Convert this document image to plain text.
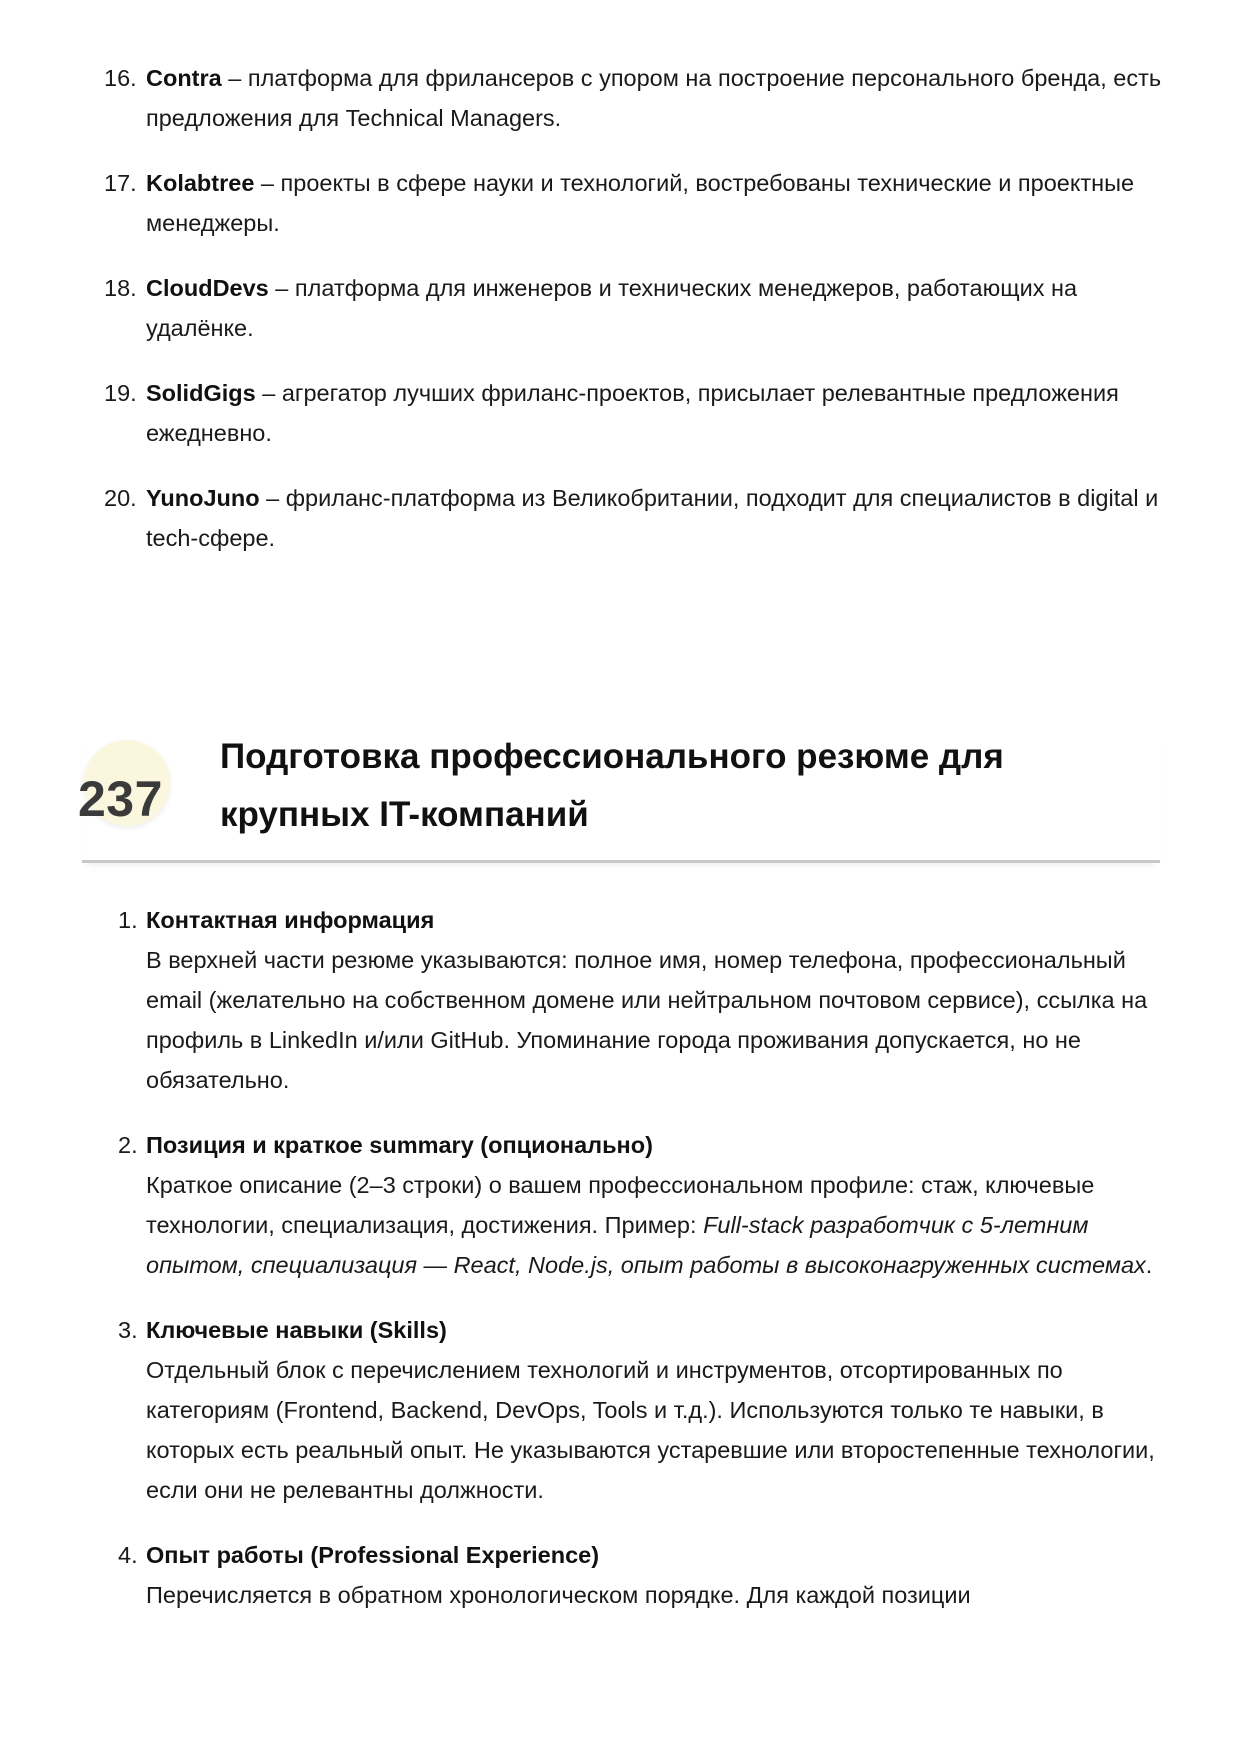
16. Contra – платформа для фрилансеров с упором на построение персонального бренда, есть предложения для Technical Managers.
17. Kolabtree – проекты в сфере науки и технологий, востребованы технические и проектные менеджеры.
18. CloudDevs – платформа для инженеров и технических менеджеров, работающих на удалёнке.
19. SolidGigs – агрегатор лучших фриланс-проектов, присылает релевантные предложения ежедневно.
20. YunoJuno – фриланс-платформа из Великобритании, подходит для специалистов в digital и tech-сфере.
237
Подготовка профессионального резюме для крупных IT-компаний
1. Контактная информация
В верхней части резюме указываются: полное имя, номер телефона, профессиональный email (желательно на собственном домене или нейтральном почтовом сервисе), ссылка на профиль в LinkedIn и/или GitHub. Упоминание города проживания допускается, но не обязательно.
2. Позиция и краткое summary (опционально)
Краткое описание (2–3 строки) о вашем профессиональном профиле: стаж, ключевые технологии, специализация, достижения. Пример: Full-stack разработчик с 5-летним опытом, специализация — React, Node.js, опыт работы в высоконагруженных системах.
3. Ключевые навыки (Skills)
Отдельный блок с перечислением технологий и инструментов, отсортированных по категориям (Frontend, Backend, DevOps, Tools и т.д.). Используются только те навыки, в которых есть реальный опыт. Не указываются устаревшие или второстепенные технологии, если они не релевантны должности.
4. Опыт работы (Professional Experience)
Перечисляется в обратном хронологическом порядке. Для каждой позиции
